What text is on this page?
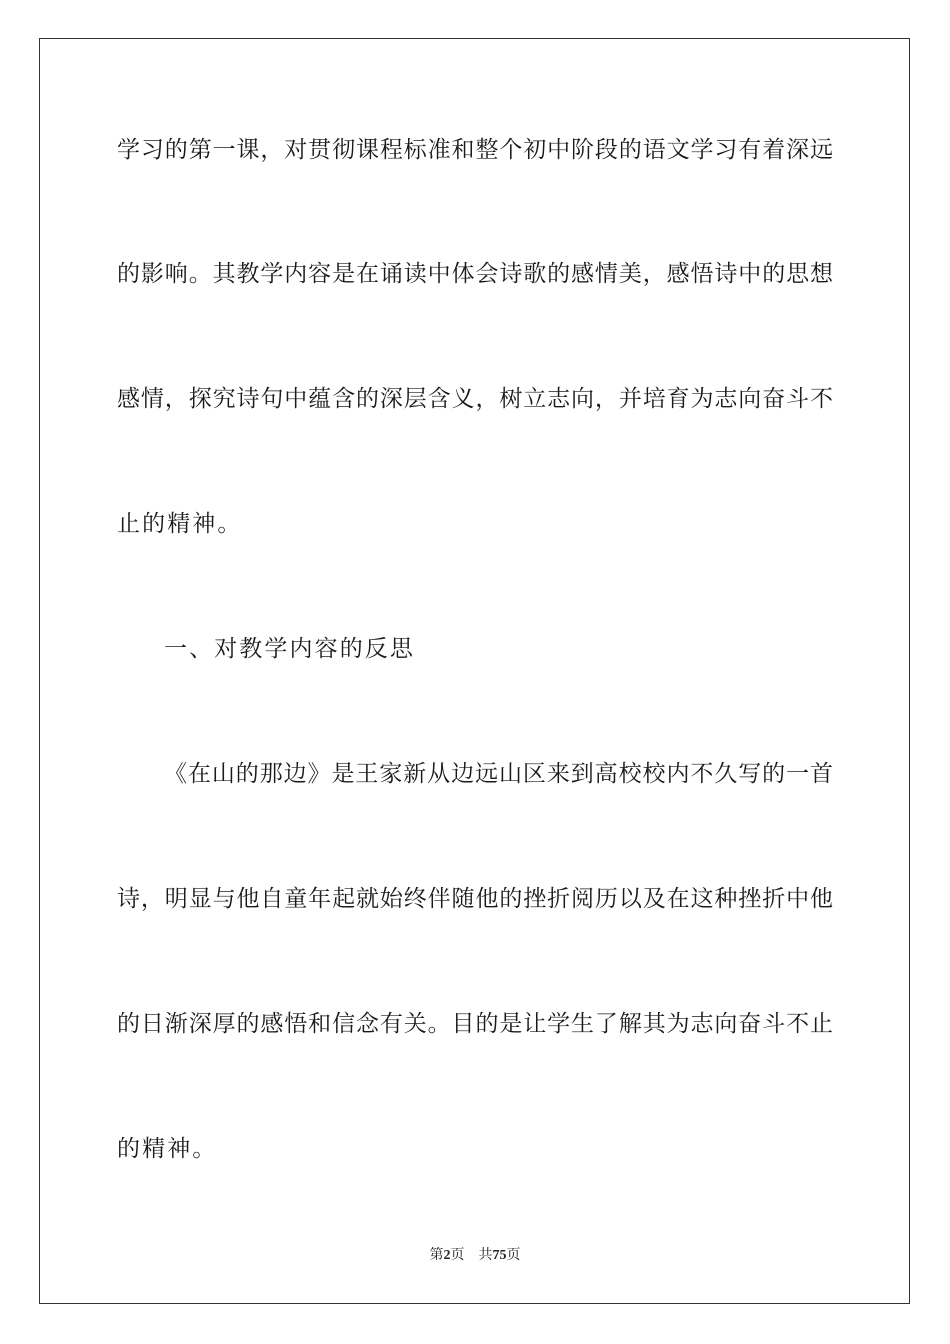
学习的第一课，对贯彻课程标准和整个初中阶段的语文学习有着深远
的影响。其教学内容是在诵读中体会诗歌的感情美，感悟诗中的思想
感情，探究诗句中蕴含的深层含义，树立志向，并培育为志向奋斗不
止的精神。
一、对教学内容的反思
《在山的那边》是王家新从边远山区来到高校校内不久写的一首
诗，明显与他自童年起就始终伴随他的挫折阅历以及在这种挫折中他
的日渐深厚的感悟和信念有关。目的是让学生了解其为志向奋斗不止
的精神。
第2页 共75页
